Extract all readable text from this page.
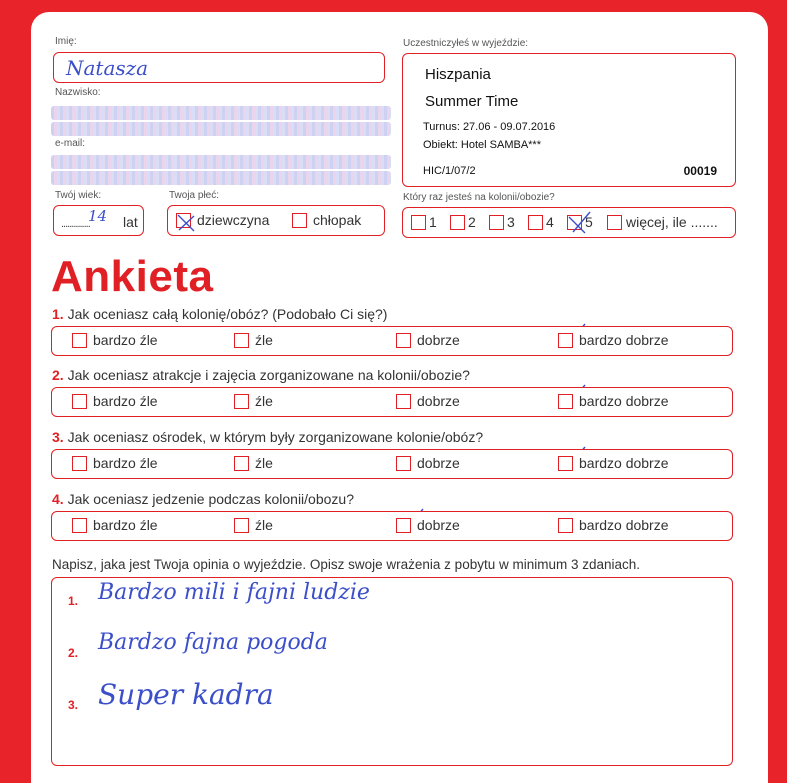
Imię:
Natasza
Nazwisko:
e-mail:
Twój wiek:
..............
14 lat
Twoja płeć:
dziewczyna	chłopak
Uczestniczyłeś w wyjeździe:
Hiszpania
Summer Time
Turnus: 27.06 - 09.07.2016
Obiekt: Hotel SAMBA***
HIC/1/07/2	00019
Który raz jesteś na kolonii/obozie?
1 2 3 4 5 więcej, ile .......
Ankieta
1. Jak oceniasz całą kolonię/obóz? (Podobało Ci się?)
bardzo źle	źle	dobrze	bardzo dobrze
2. Jak oceniasz atrakcje i zajęcia zorganizowane na kolonii/obozie?
bardzo źle	źle	dobrze	bardzo dobrze
3. Jak oceniasz ośrodek, w którym były zorganizowane kolonie/obóz?
bardzo źle	źle	dobrze	bardzo dobrze
4. Jak oceniasz jedzenie podczas kolonii/obozu?
bardzo źle	źle	dobrze	bardzo dobrze
Napisz, jaka jest Twoja opinia o wyjeździe. Opisz swoje wrażenia z pobytu w minimum 3 zdaniach.
1. Bardzo mili i fajni ludzie
2. Bardzo fajna pogoda
3. Super kadra
